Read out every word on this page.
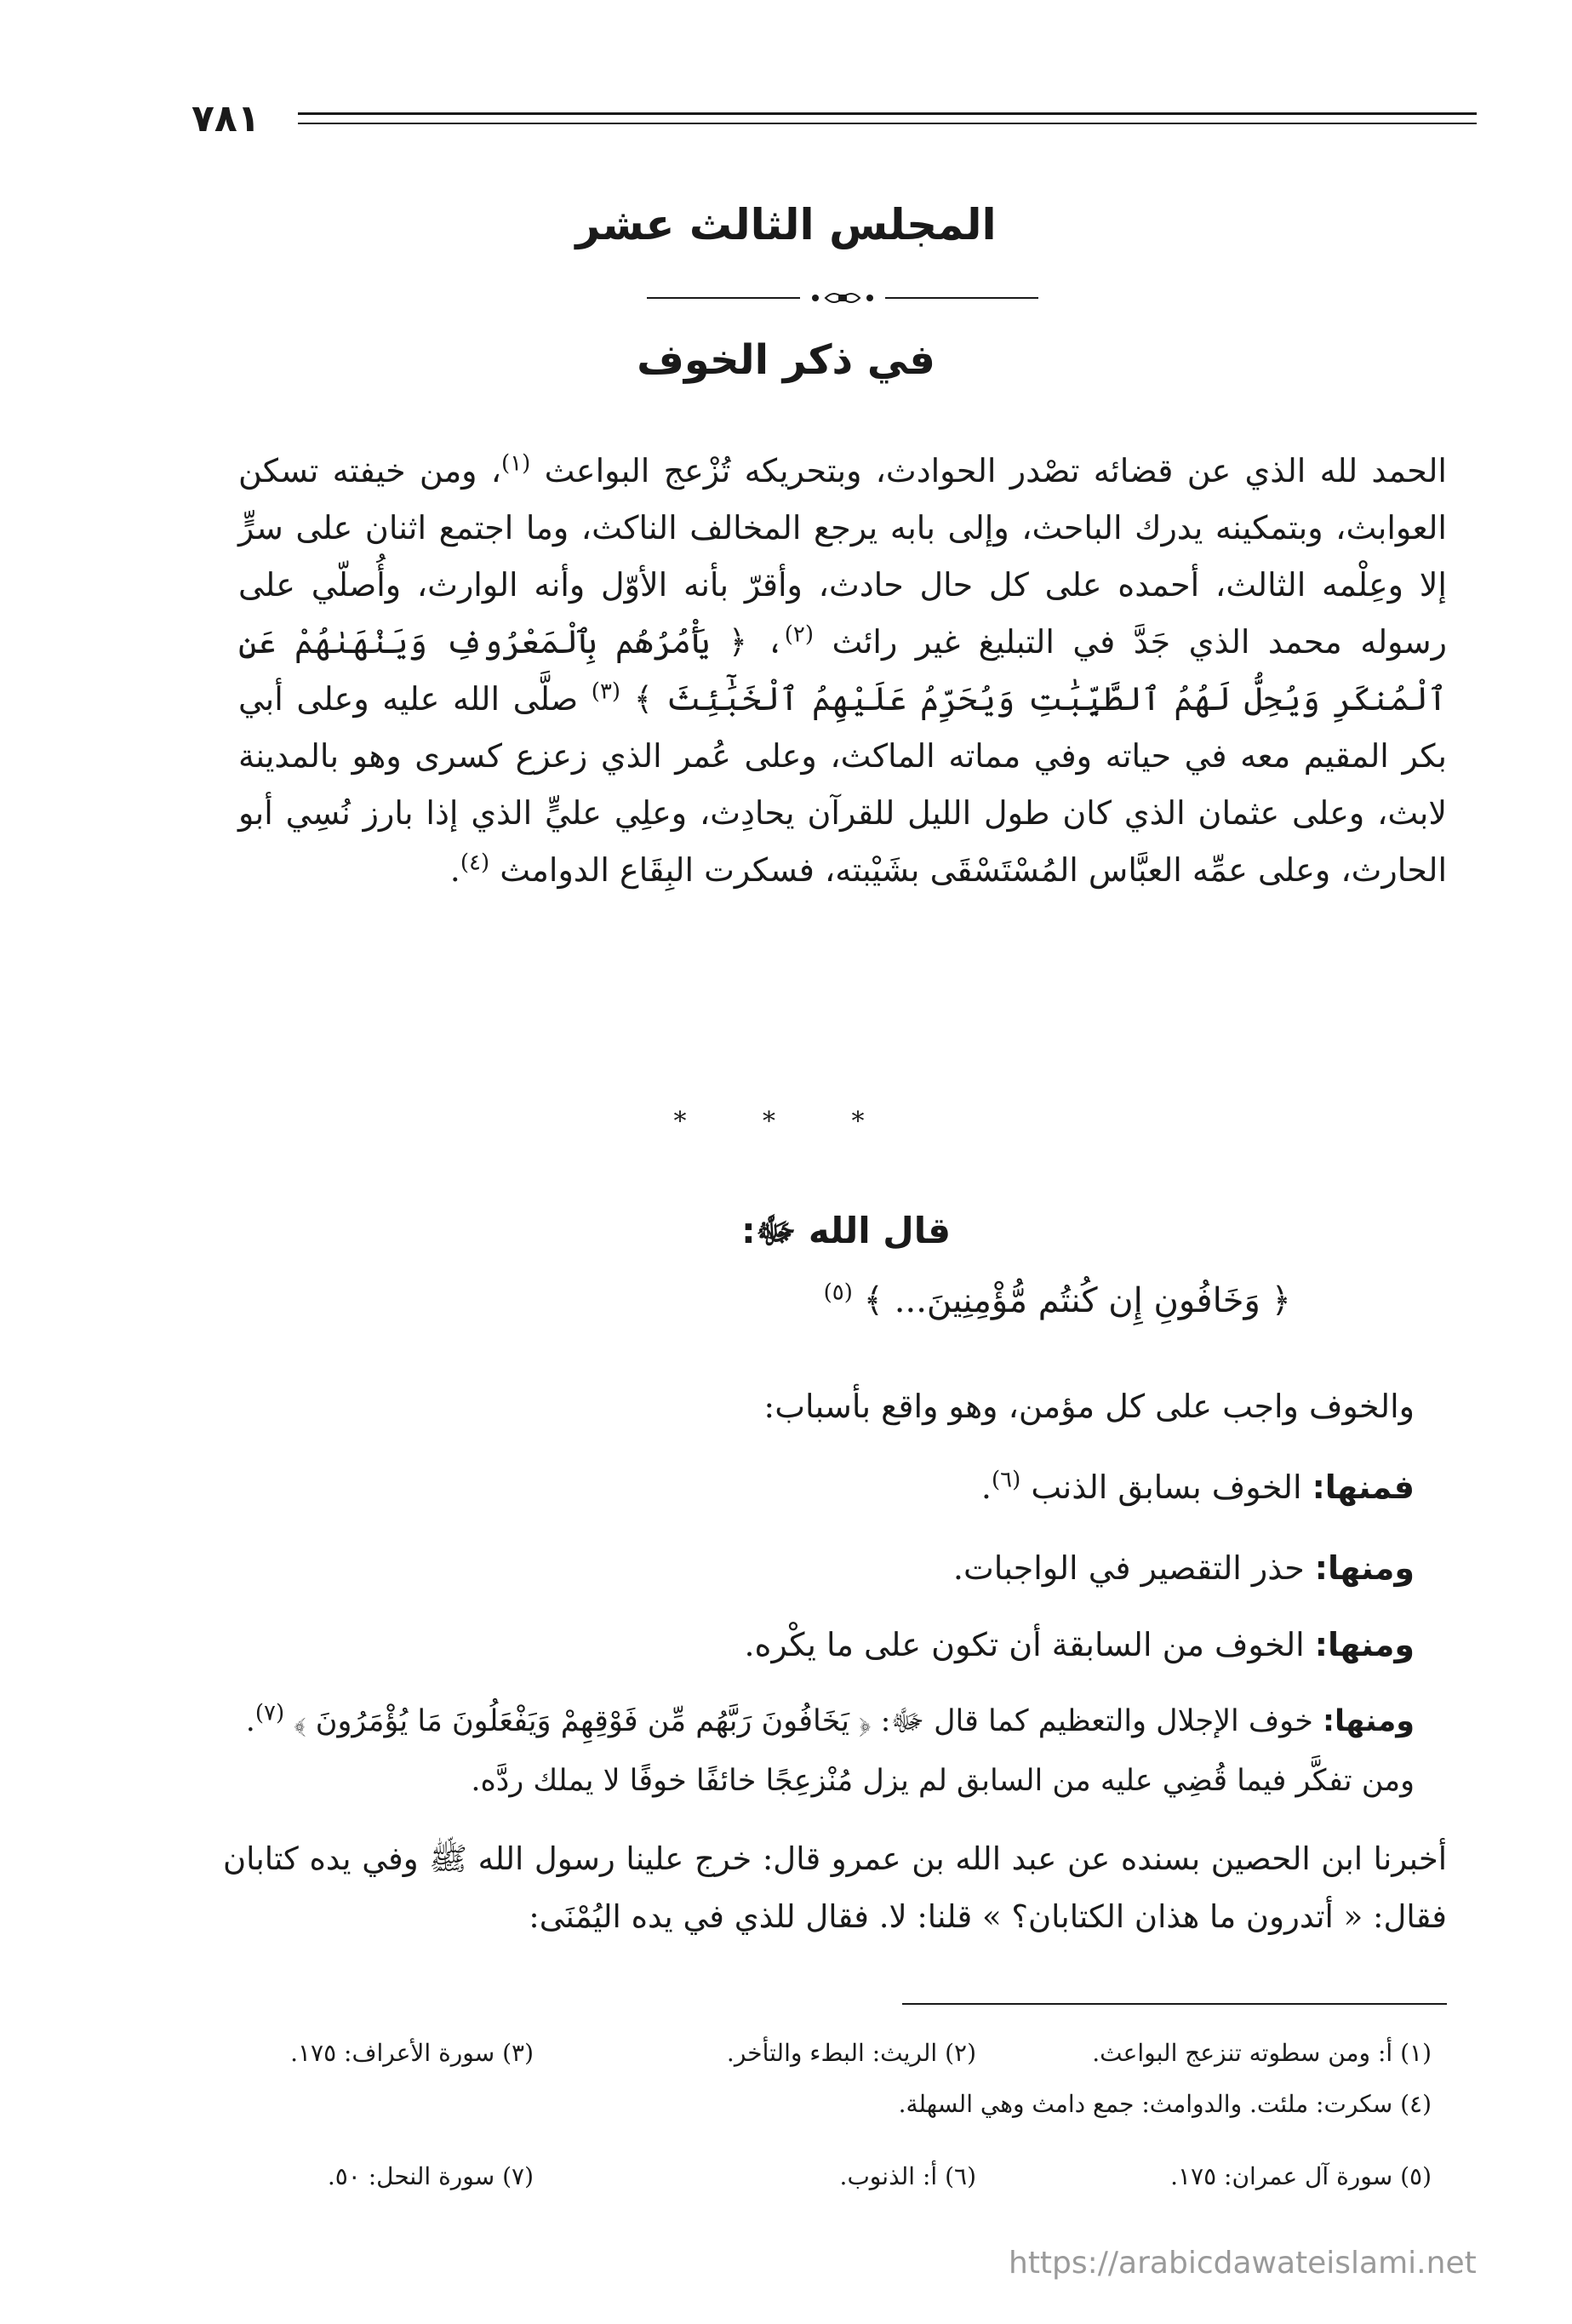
٧٨١
المجلس الثالث عشر
في ذكر الخوف

الحمد لله الذي عن قضائه تصْدر الحوادث، وبتحريكه تُزْعج البواعث $^{(١)}$، ومن خيفته تسكن العوابث، وبتمكينه يدرك الباحث، وإلى بابه يرجع المخالف الناكث، وما اجتمع اثنان على سرٍّ إلا وعِلْمه الثالث، أحمده على كل حال حادث، وأقرّ بأنه الأوّل وأنه الوارث، وأُصلّي على رسوله محمد الذي جَدَّ في التبليغ غير رائث $^{(٢)}$، ﴿ يَأْمُرُهُم بِٱلْمَعْرُوفِ وَيَنْهَىٰهُمْ عَنِ ٱلْمُنكَرِ وَيُحِلُّ لَهُمُ ٱلطَّيِّبَٰتِ وَيُحَرِّمُ عَلَيْهِمُ ٱلْخَبَٰٓئِثَ ﴾ $^{(٣)}$ صلَّى الله عليه وعلى أبي بكر المقيم معه في حياته وفي مماته الماكث، وعلى عُمر الذي زعزع كسرى وهو بالمدينة لابث، وعلى عثمان الذي كان طول الليل للقرآن يحادِث، وعلِي عليٍّ الذي إذا بارز نُسِي أبو الحارث، وعلى عمِّه العبَّاس المُسْتَسْقَى بشَيْبته، فسكرت البِقَاع الدوامث $^{(٤)}$.

* * *
قال الله ﷻ:
﴿ وَخَافُونِ إِن كُنتُم مُّؤْمِنِينَ... ﴾ $^{(٥)}$
والخوف واجب على كل مؤمن، وهو واقع بأسباب:
فمنها: الخوف بسابق الذنب $^{(٦)}$.
ومنها: حذر التقصير في الواجبات.
ومنها: الخوف من السابقة أن تكون على ما يكْره.
ومنها: خوف الإجلال والتعظيم كما قال ﷻ: ﴿ يَخَافُونَ رَبَّهُم مِّن فَوْقِهِمْ وَيَفْعَلُونَ مَا يُؤْمَرُونَ ﴾ $^{(٧)}$.
ومن تفكَّر فيما قُضِي عليه من السابق لم يزل مُنْزعِجًا خائفًا خوفًا لا يملك ردَّه.

أخبرنا ابن الحصين بسنده عن عبد الله بن عمرو قال: خرج علينا رسول الله ﷺ وفي يده كتابان فقال: « أتدرون ما هذان الكتابان؟ » قلنا: لا. فقال للذي في يده اليُمْنَى:

(١) أ: ومن سطوته تنزعج البواعث.
(٢) الريث: البطء والتأخر.
(٣) سورة الأعراف: ١٧٥.
(٤) سكرت: ملئت. والدوامث: جمع دامث وهي السهلة.
(٥) سورة آل عمران: ١٧٥.
(٦) أ: الذنوب.
(٧) سورة النحل: ٥٠.
https://arabicdawateislami.net
